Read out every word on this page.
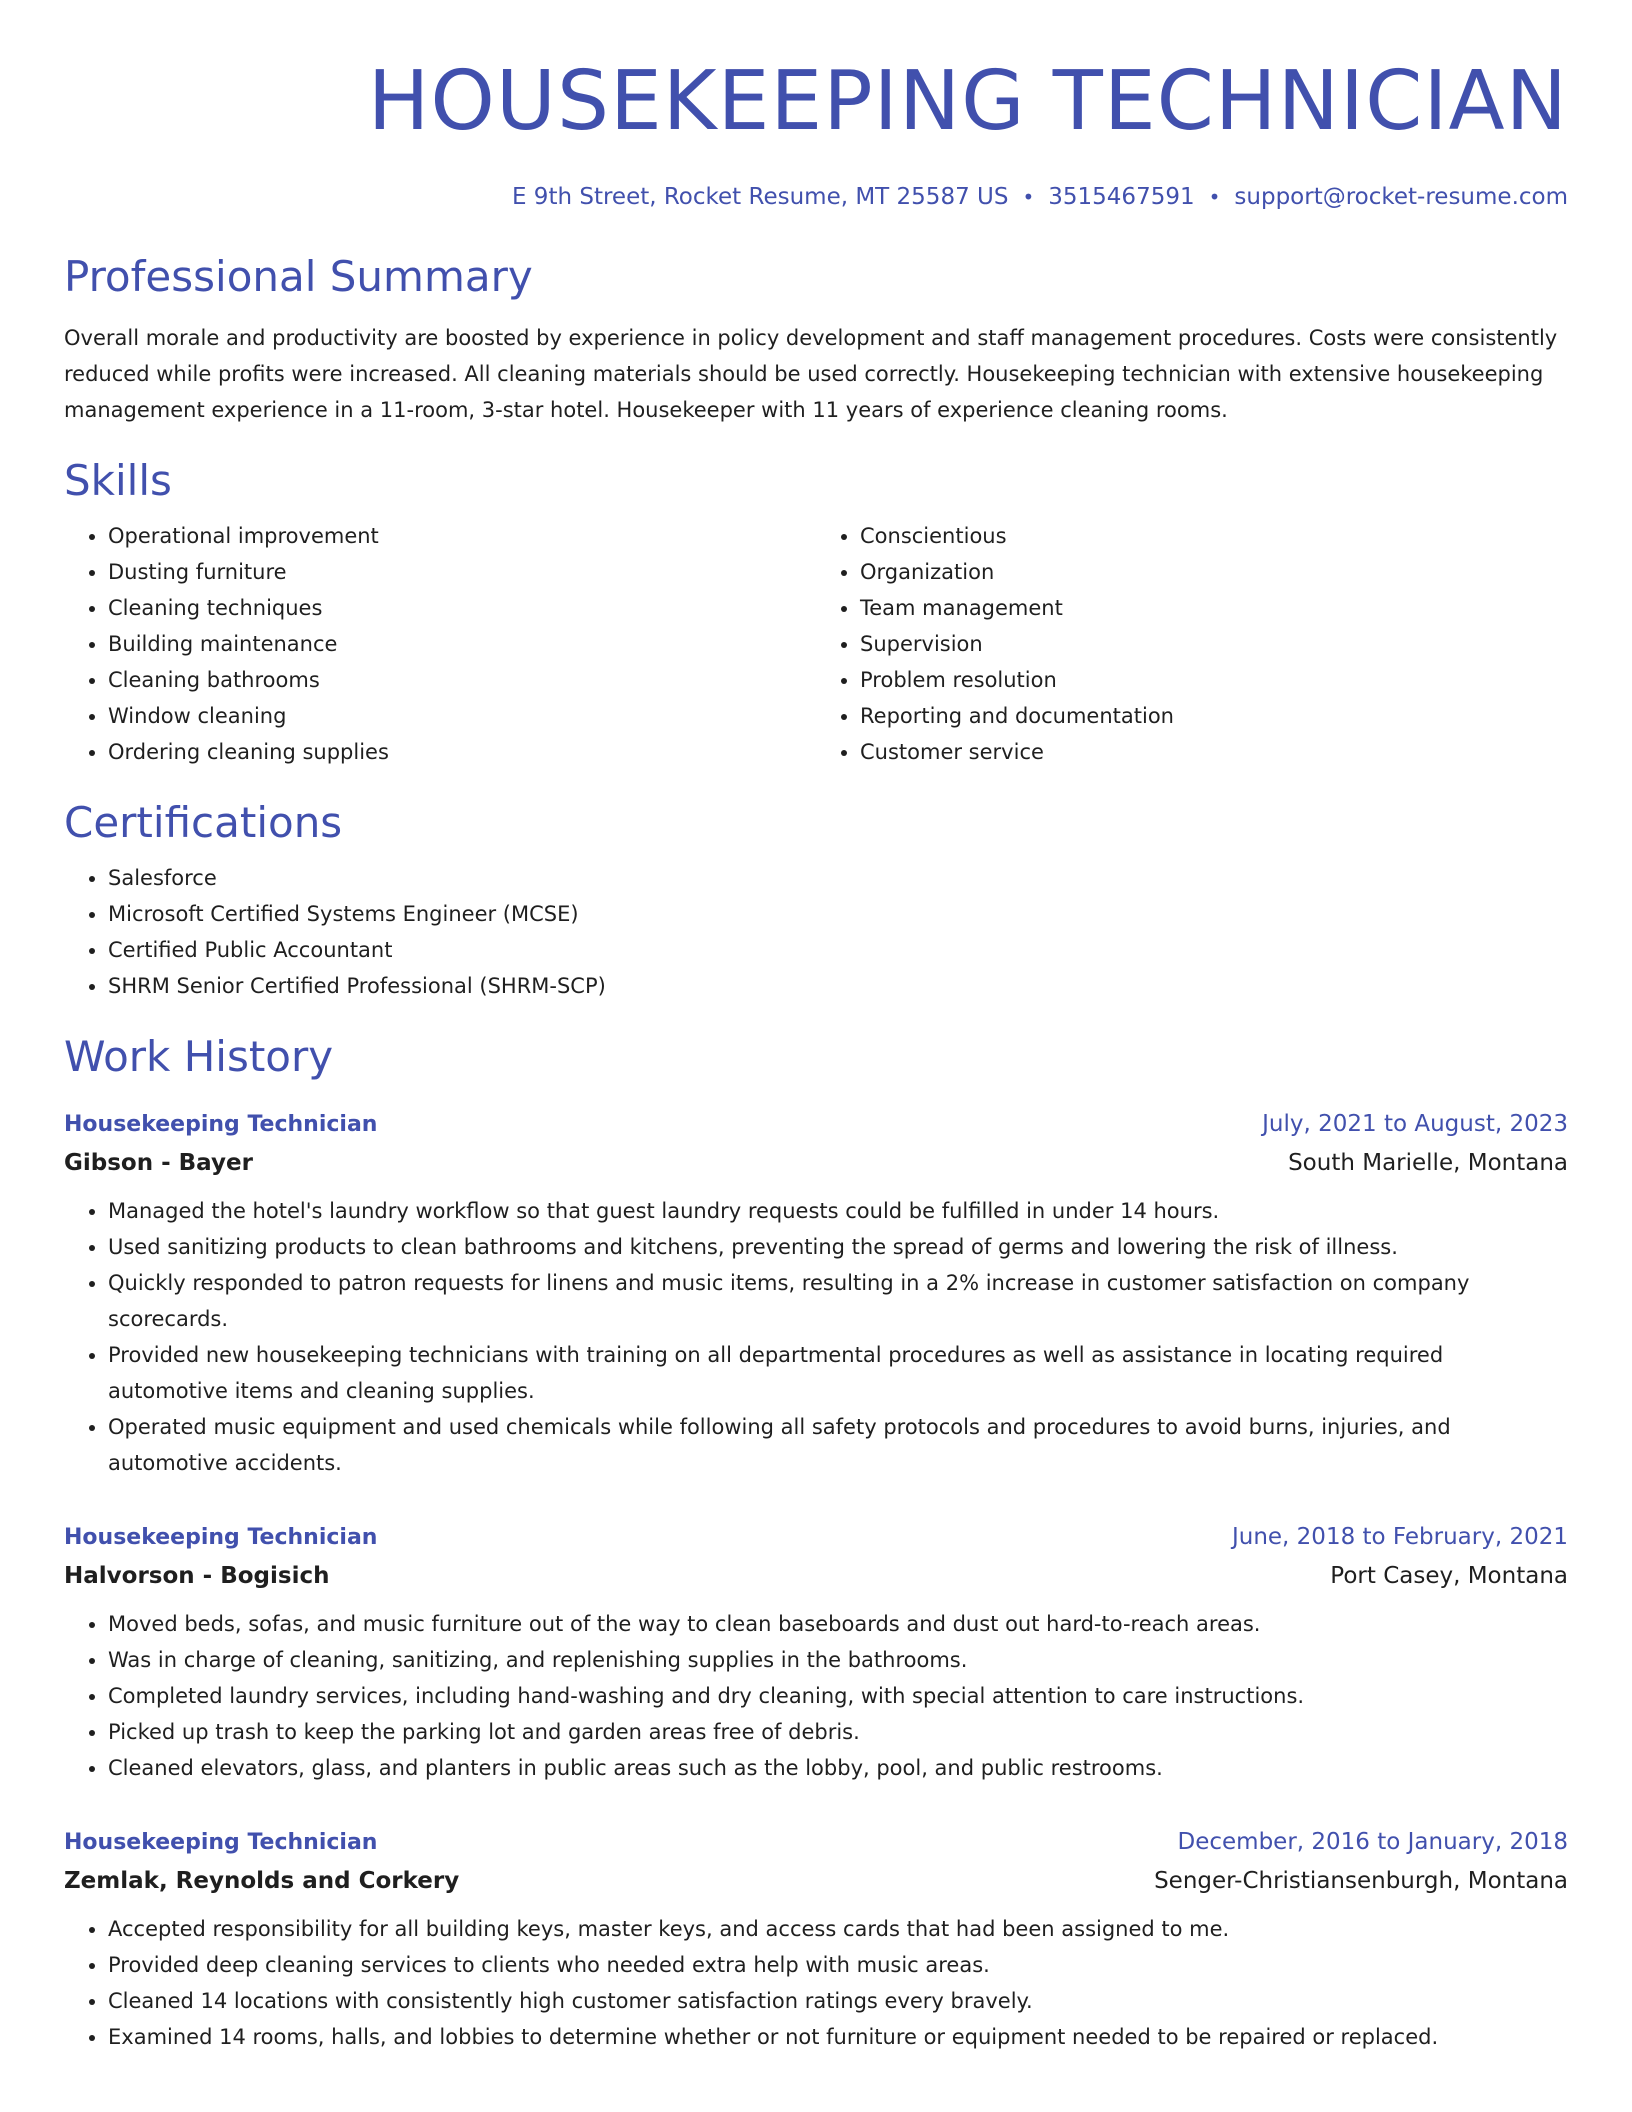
HOUSEKEEPING TECHNICIAN
E 9th Street, Rocket Resume, MT 25587 US • 3515467591 • support@rocket-resume.com
Professional Summary

Overall morale and productivity are boosted by experience in policy development and staff management procedures. Costs were consistently reduced while profits were increased. All cleaning materials should be used correctly. Housekeeping technician with extensive housekeeping management experience in a 11-room, 3-star hotel. Housekeeper with 11 years of experience cleaning rooms.

Skills
• Operational improvement
• Dusting furniture
• Cleaning techniques
• Building maintenance
• Cleaning bathrooms
• Window cleaning
• Ordering cleaning supplies
• Conscientious
• Organization
• Team management
• Supervision
• Problem resolution
• Reporting and documentation
• Customer service
Certifications
• Salesforce
• Microsoft Certified Systems Engineer (MCSE)
• Certified Public Accountant
• SHRM Senior Certified Professional (SHRM-SCP)
Work History
Housekeeping Technician	July, 2021 to August, 2023
Gibson - Bayer	South Marielle, Montana
• Managed the hotel's laundry workflow so that guest laundry requests could be fulfilled in under 14 hours.
• Used sanitizing products to clean bathrooms and kitchens, preventing the spread of germs and lowering the risk of illness.
• Quickly responded to patron requests for linens and music items, resulting in a 2% increase in customer satisfaction on company scorecards.
• Provided new housekeeping technicians with training on all departmental procedures as well as assistance in locating required automotive items and cleaning supplies.
• Operated music equipment and used chemicals while following all safety protocols and procedures to avoid burns, injuries, and automotive accidents.
Housekeeping Technician	June, 2018 to February, 2021
Halvorson - Bogisich	Port Casey, Montana
• Moved beds, sofas, and music furniture out of the way to clean baseboards and dust out hard-to-reach areas.
• Was in charge of cleaning, sanitizing, and replenishing supplies in the bathrooms.
• Completed laundry services, including hand-washing and dry cleaning, with special attention to care instructions.
• Picked up trash to keep the parking lot and garden areas free of debris.
• Cleaned elevators, glass, and planters in public areas such as the lobby, pool, and public restrooms.
Housekeeping Technician	December, 2016 to January, 2018
Zemlak, Reynolds and Corkery	Senger-Christiansenburgh, Montana
• Accepted responsibility for all building keys, master keys, and access cards that had been assigned to me.
• Provided deep cleaning services to clients who needed extra help with music areas.
• Cleaned 14 locations with consistently high customer satisfaction ratings every bravely.
• Examined 14 rooms, halls, and lobbies to determine whether or not furniture or equipment needed to be repaired or replaced.
